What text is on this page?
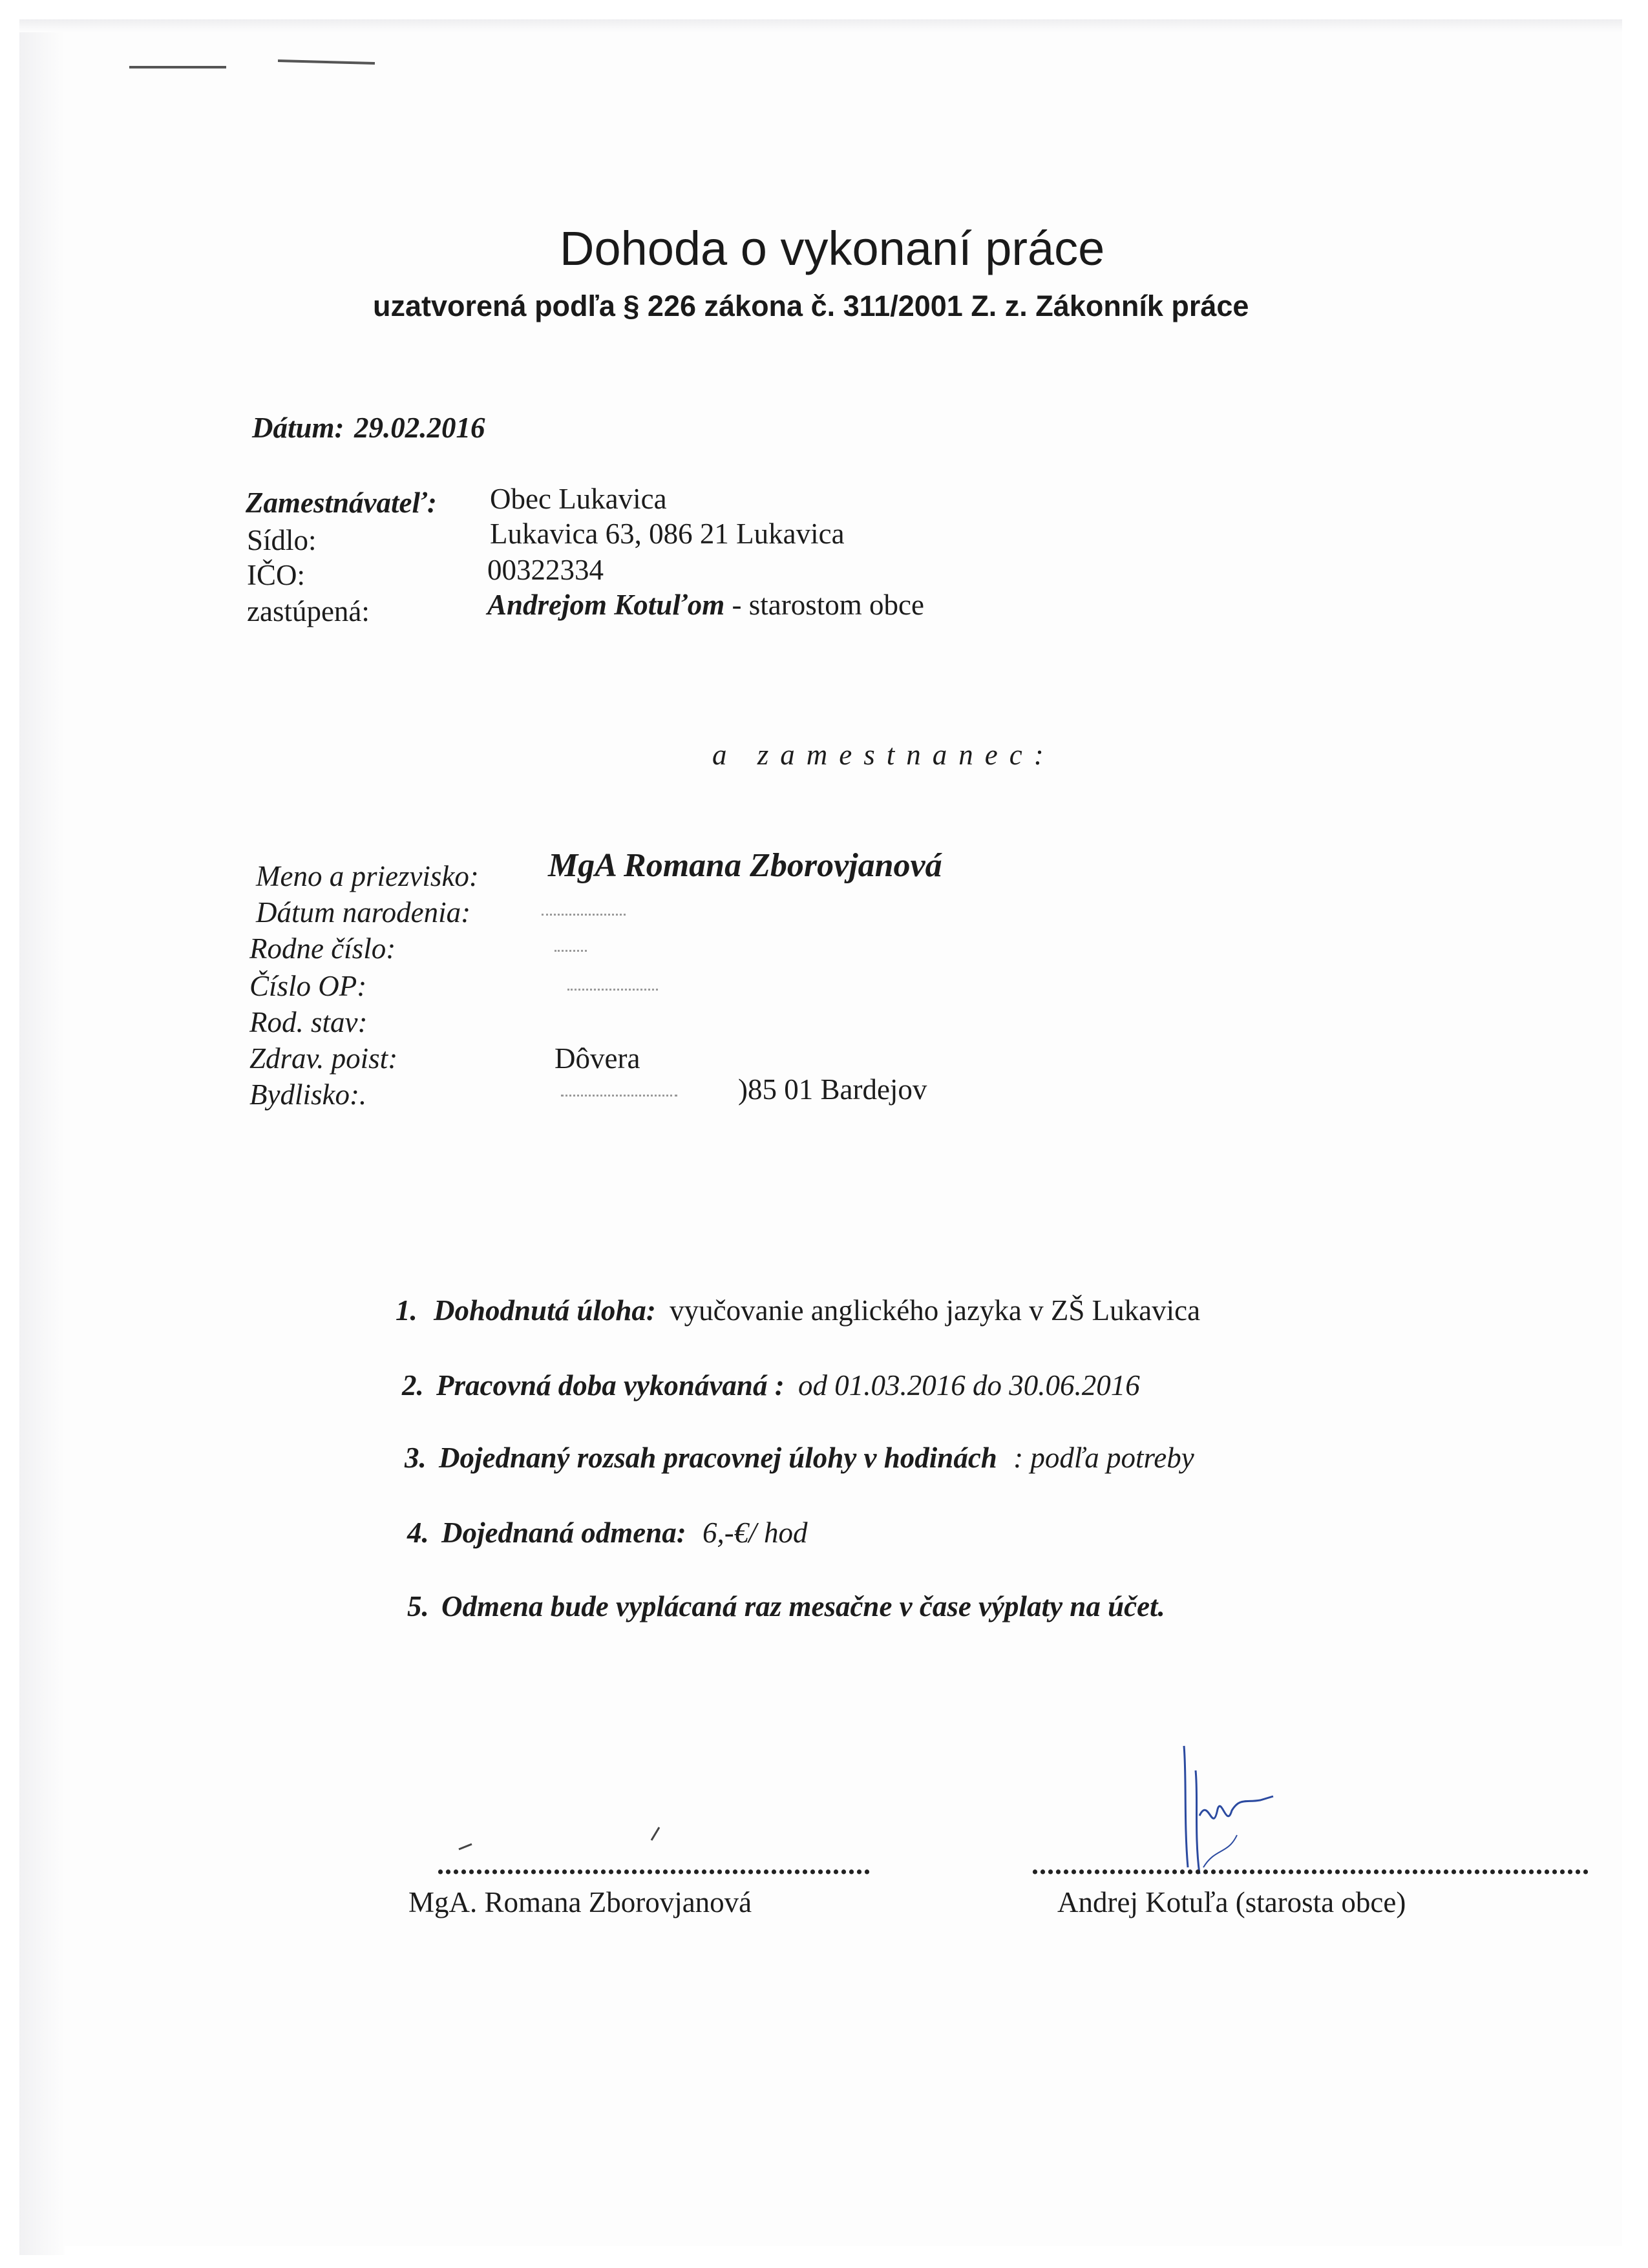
Dohoda o vykonaní práce
uzatvorená podľa § 226 zákona č. 311/2001 Z. z. Zákonník práce
Dátum: 29.02.2016
Zamestnávateľ: Obec Lukavica
Sídlo:	Lukavica 63, 086 21 Lukavica
IČO:	00322334
zastúpená:	Andrejom Kotuľom - starostom obce
a zamestnanec:
Meno a priezvisko: MgA Romana Zborovjanová
Dátum narodenia:
Rodne číslo:
Číslo OP:
Rod. stav:
Zdrav. poist:	Dôvera
Bydlisko:.	)85 01 Bardejov
1. Dohodnutá úloha: vyučovanie anglického jazyka v ZŠ Lukavica
2. Pracovná doba vykonávaná : od 01.03.2016 do 30.06.2016
3. Dojednaný rozsah pracovnej úlohy v hodinách : podľa potreby
4. Dojednaná odmena: 6,-€/ hod
5. Odmena bude vyplácaná raz mesačne v čase výplaty na účet.
........................................................
MgA. Romana Zborovjanová
........................................................................
Andrej Kotuľa (starosta obce)
